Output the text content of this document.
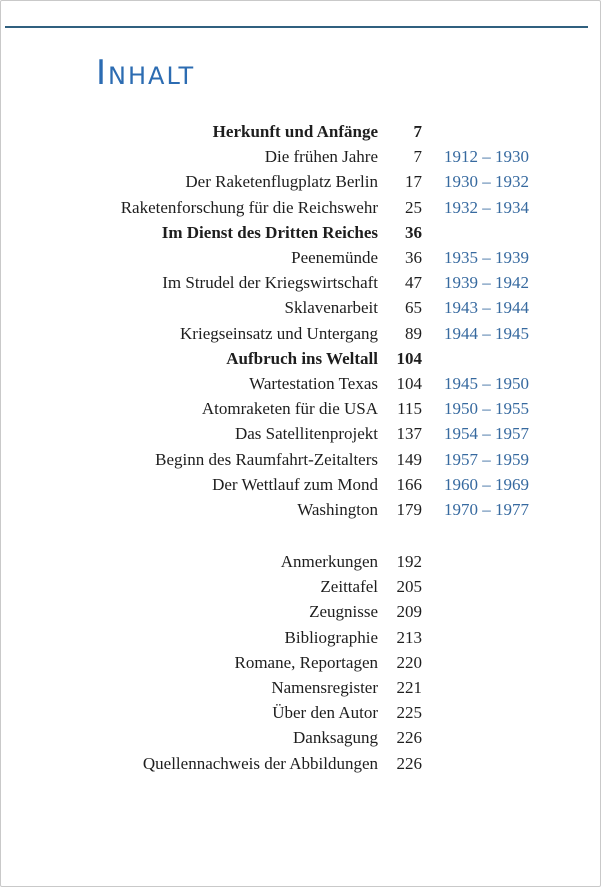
Inhalt
Herkunft und Anfänge	7
Die frühen Jahre	7	1912 – 1930
Der Raketenflugplatz Berlin	17	1930 – 1932
Raketenforschung für die Reichswehr	25	1932 – 1934
Im Dienst des Dritten Reiches	36
Peenemünde	36	1935 – 1939
Im Strudel der Kriegswirtschaft	47	1939 – 1942
Sklavenarbeit	65	1943 – 1944
Kriegseinsatz und Untergang	89	1944 – 1945
Aufbruch ins Weltall	104
Wartestation Texas	104	1945 – 1950
Atomraketen für die USA	115	1950 – 1955
Das Satellitenprojekt	137	1954 – 1957
Beginn des Raumfahrt-Zeitalters	149	1957 – 1959
Der Wettlauf zum Mond	166	1960 – 1969
Washington	179	1970 – 1977
Anmerkungen	192
Zeittafel	205
Zeugnisse	209
Bibliographie	213
Romane, Reportagen	220
Namensregister	221
Über den Autor	225
Danksagung	226
Quellennachweis der Abbildungen	226
